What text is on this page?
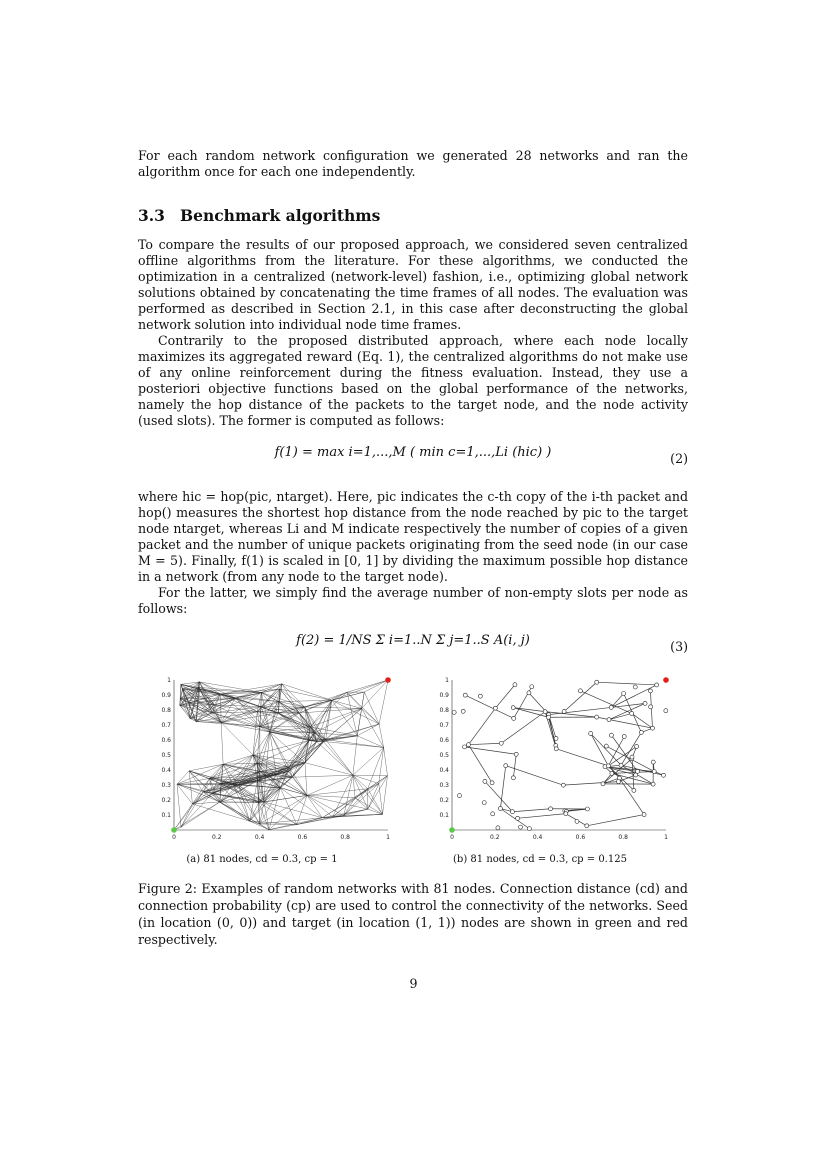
For each random network configuration we generated 28 networks and ran the algorithm once for each one independently.

3.3 Benchmark algorithms

To compare the results of our proposed approach, we considered seven centralized offline algorithms from the literature. For these algorithms, we conducted the optimization in a centralized (network-level) fashion, i.e., optimizing global network solutions obtained by concatenating the time frames of all nodes. The evaluation was performed as described in Section 2.1, in this case after deconstructing the global network solution into individual node time frames.

Contrarily to the proposed distributed approach, where each node locally maximizes its aggregated reward (Eq. 1), the centralized algorithms do not make use of any online reinforcement during the fitness evaluation. Instead, they use a posteriori objective functions based on the global performance of the networks, namely the hop distance of the packets to the target node, and the node activity (used slots). The former is computed as follows:

f(1) = max i=1,...,M ( min c=1,...,Li (hic) )	(2)

where hic = hop(pic, ntarget). Here, pic indicates the c-th copy of the i-th packet and hop() measures the shortest hop distance from the node reached by pic to the target node ntarget, whereas Li and M indicate respectively the number of copies of a given packet and the number of unique packets originating from the seed node (in our case M = 5). Finally, f(1) is scaled in [0, 1] by dividing the maximum possible hop distance in a network (from any node to the target node).

For the latter, we simply find the average number of non-empty slots per node as follows:

f(2) = 1/NS Σ i=1..N Σ j=1..S A(i, j)	(3)
0	0.2	0.4	0.6	0.8	1
0.1
0.2
0.3
0.4
0.5
0.6
0.7
0.8
0.9
1
0	0.2	0.4	0.6	0.8	1
0.1
0.2
0.3
0.4
0.5
0.6
0.7
0.8
0.9
1
(a) 81 nodes, cd = 0.3, cp = 1	(b) 81 nodes, cd = 0.3, cp = 0.125
Figure 2: Examples of random networks with 81 nodes. Connection distance (cd) and connection probability (cp) are used to control the connectivity of the networks. Seed (in location (0, 0)) and target (in location (1, 1)) nodes are shown in green and red respectively.
9
